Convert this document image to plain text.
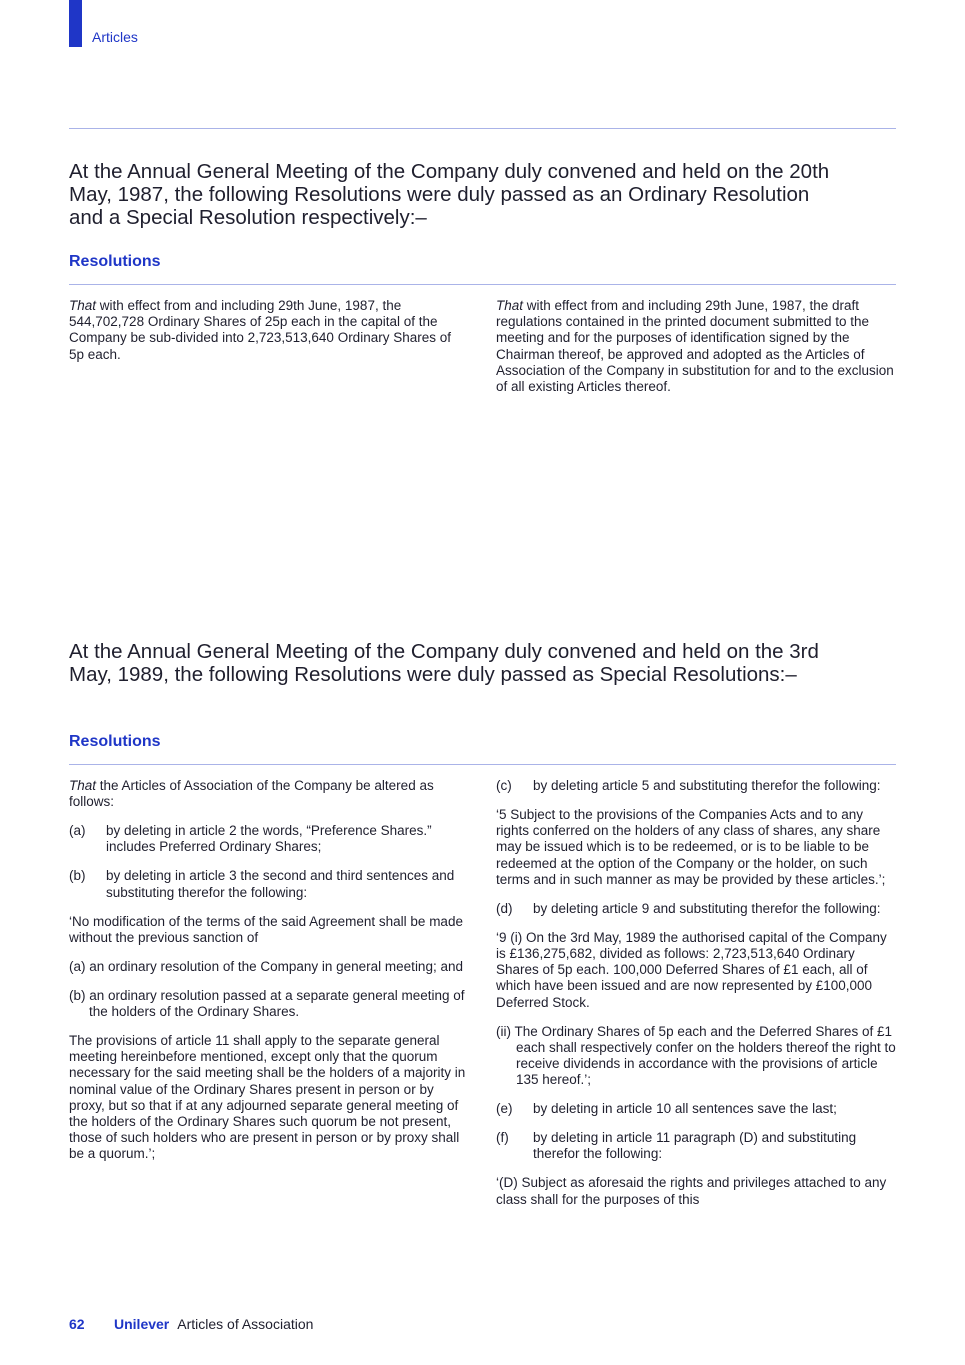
Articles
At the Annual General Meeting of the Company duly convened and held on the 20th May, 1987, the following Resolutions were duly passed as an Ordinary Resolution and a Special Resolution respectively:–
Resolutions

That with effect from and including 29th June, 1987, the 544,702,728 Ordinary Shares of 25p each in the capital of the Company be sub-divided into 2,723,513,640 Ordinary Shares of 5p each.

That with effect from and including 29th June, 1987, the draft regulations contained in the printed document submitted to the meeting and for the purposes of identification signed by the Chairman thereof, be approved and adopted as the Articles of Association of the Company in substitution for and to the exclusion of all existing Articles thereof.

At the Annual General Meeting of the Company duly convened and held on the 3rd May, 1989, the following Resolutions were duly passed as Special Resolutions:–
Resolutions

That the Articles of Association of the Company be altered as follows:

(a)	by deleting in article 2 the words, “Preference Shares.” includes Preferred Ordinary Shares;
(b)	by deleting in article 3 the second and third sentences and substituting therefor the following:

‘No modification of the terms of the said Agreement shall be made without the previous sanction of

(a) an ordinary resolution of the Company in general meeting; and

(b) an ordinary resolution passed at a separate general meeting of the holders of the Ordinary Shares.

The provisions of article 11 shall apply to the separate general meeting hereinbefore mentioned, except only that the quorum necessary for the said meeting shall be the holders of a majority in nominal value of the Ordinary Shares present in person or by proxy, but so that if at any adjourned separate general meeting of the holders of the Ordinary Shares such quorum be not present, those of such holders who are present in person or by proxy shall be a quorum.’;

(c)	by deleting article 5 and substituting therefor the following:

‘5 Subject to the provisions of the Companies Acts and to any rights conferred on the holders of any class of shares, any share may be issued which is to be redeemed, or is to be liable to be redeemed at the option of the Company or the holder, on such terms and in such manner as may be provided by these articles.’;

(d)	by deleting article 9 and substituting therefor the following:

‘9 (i) On the 3rd May, 1989 the authorised capital of the Company is £136,275,682, divided as follows: 2,723,513,640 Ordinary Shares of 5p each. 100,000 Deferred Shares of £1 each, all of which have been issued and are now represented by £100,000 Deferred Stock.

(ii) The Ordinary Shares of 5p each and the Deferred Shares of £1 each shall respectively confer on the holders thereof the right to receive dividends in accordance with the provisions of article 135 hereof.’;

(e)	by deleting in article 10 all sentences save the last;
(f)	by deleting in article 11 paragraph (D) and substituting therefor the following:

‘(D) Subject as aforesaid the rights and privileges attached to any class shall for the purposes of this

62	Unilever Articles of Association
